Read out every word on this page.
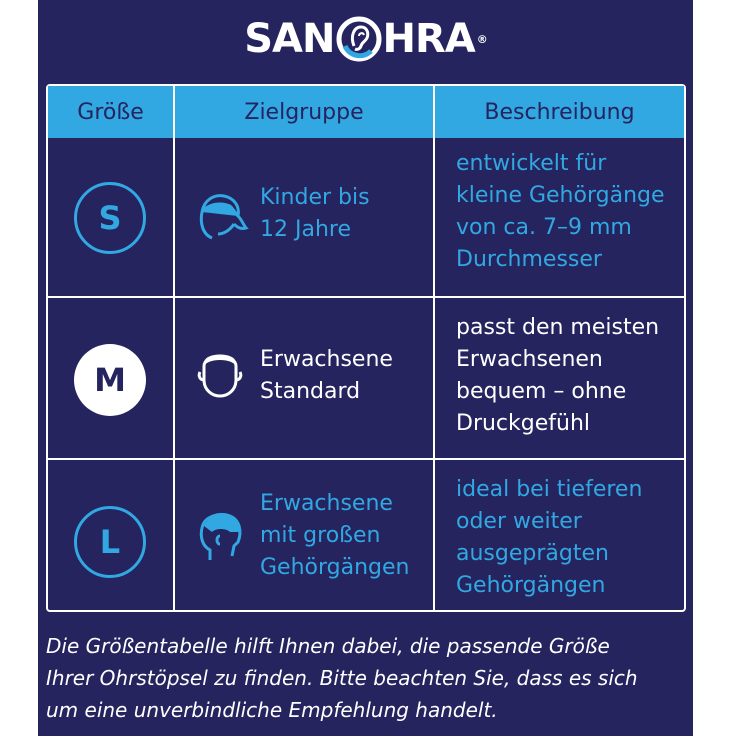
SAN HRA ®
Größe	Zielgruppe	Beschreibung
S
Kinder bis
12 Jahre
entwickelt für
kleine Gehörgänge
von ca. 7–9 mm
Durchmesser
M
Erwachsene
Standard
passt den meisten
Erwachsenen
bequem – ohne
Druckgefühl
L
Erwachsene
mit großen
Gehörgängen
ideal bei tieferen
oder weiter
ausgeprägten
Gehörgängen
Die Größentabelle hilft Ihnen dabei, die passende Größe
Ihrer Ohrstöpsel zu finden. Bitte beachten Sie, dass es sich
um eine unverbindliche Empfehlung handelt.
